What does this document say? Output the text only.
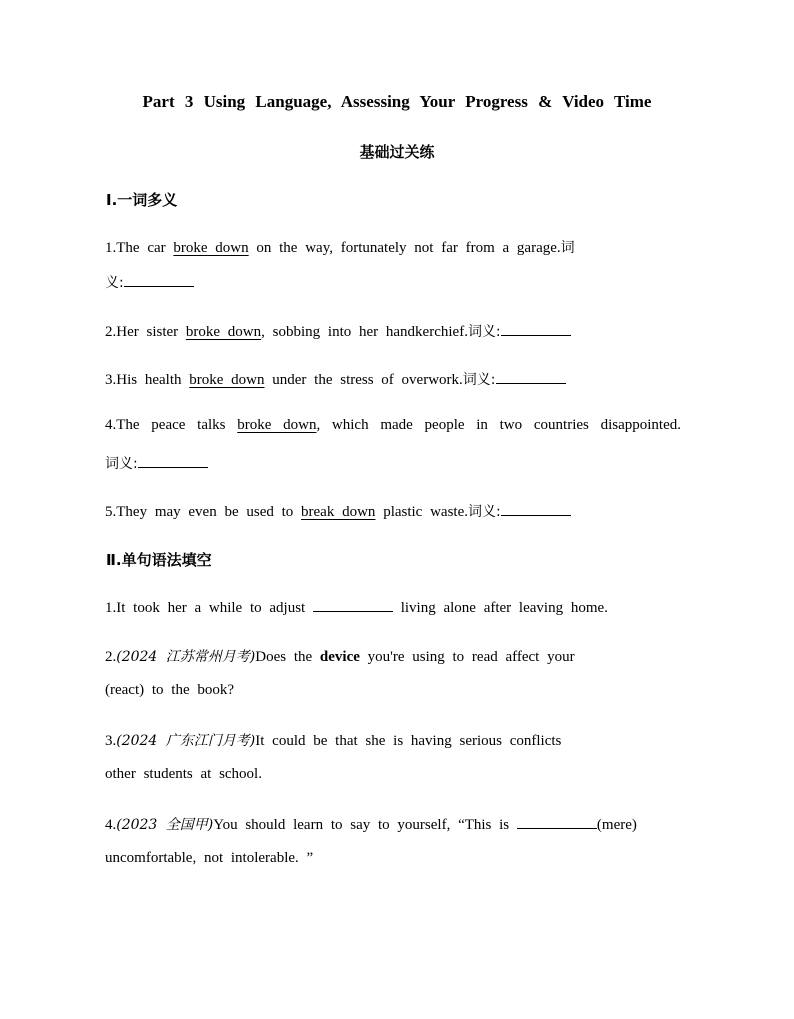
Part 3 Using Language, Assessing Your Progress & Video Time
基础过关练
Ⅰ.一词多义
1.The car broke down on the way, fortunately not far from a garage.词
义:
2.Her sister broke down, sobbing into her handkerchief.词义:
3.His health broke down under the stress of overwork.词义:
4.The peace talks broke down, which made people in two countries disappointed.
词义:
5.They may even be used to break down plastic waste.词义:
Ⅱ.单句语法填空
1.It took her a while to adjust	living alone after leaving home.
2.(2024 江苏常州月考)Does the device you're using to read affect your
(react) to the book?
3.(2024 广东江门月考)It could be that she is having serious conflicts
other students at school.
4.(2023 全国甲)You should learn to say to yourself, “This is	(mere)
uncomfortable, not intolerable. ”
